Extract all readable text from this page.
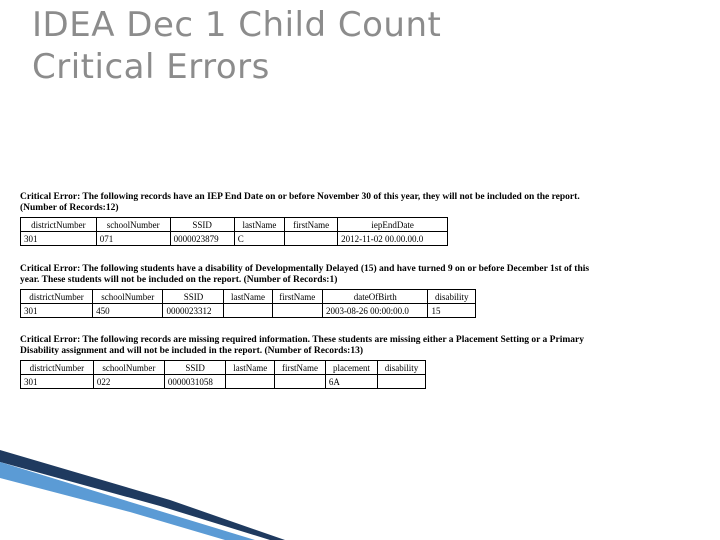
IDEA Dec 1 Child Count
Critical Errors
Critical Error: The following records have an IEP End Date on or before November 30 of this year, they will not be included on the report. (Number of Records:12)
districtNumber	schoolNumber	SSID	lastName	firstName	iepEndDate
301	071	0000023879	C		2012-11-02 00.00.00.0
Critical Error: The following students have a disability of Developmentally Delayed (15) and have turned 9 on or before December 1st of this year. These students will not be included on the report. (Number of Records:1)
districtNumber	schoolNumber	SSID	lastName	firstName	dateOfBirth	disability
301	450	0000023312			2003-08-26 00:00:00.0	15
Critical Error: The following records are missing required information. These students are missing either a Placement Setting or a Primary Disability assignment and will not be included in the report. (Number of Records:13)
districtNumber	schoolNumber	SSID	lastName	firstName	placement	disability
301	022	0000031058			6A	
